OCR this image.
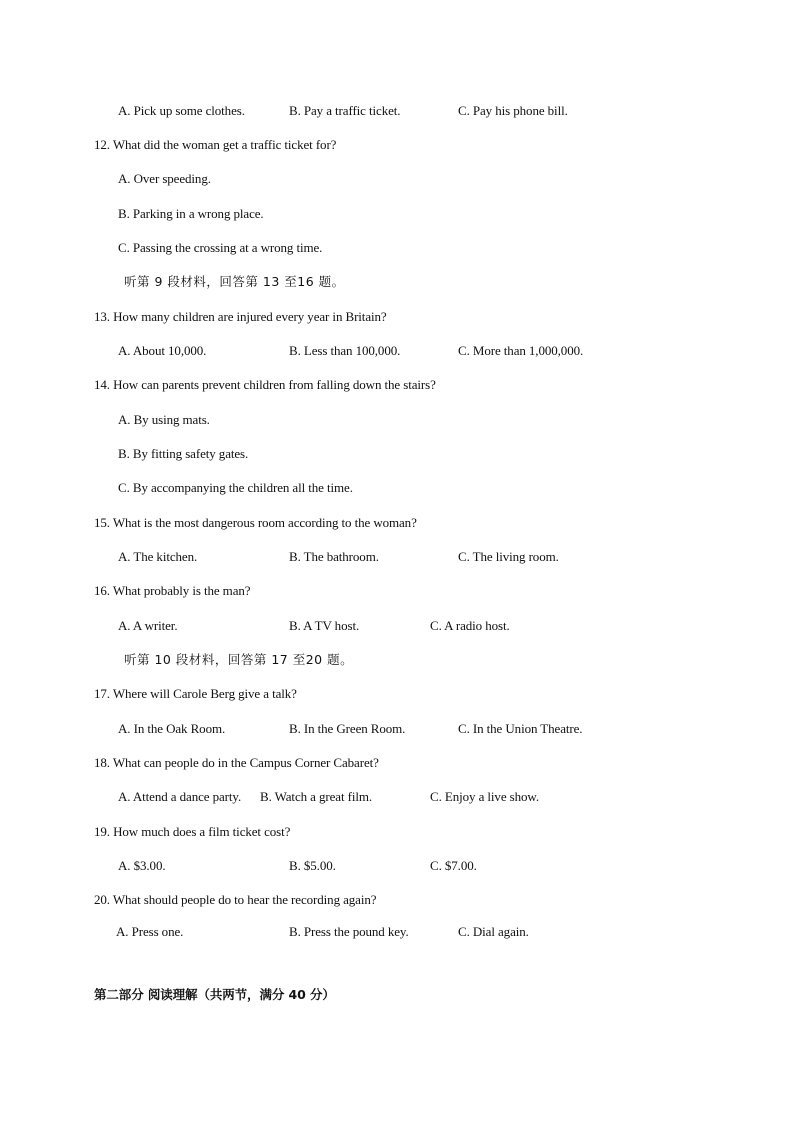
A. Pick up some clothes.	B. Pay a traffic ticket.	C. Pay his phone bill.
12. What did the woman get a traffic ticket for?
A. Over speeding.
B. Parking in a wrong place.
C. Passing the crossing at a wrong time.
听第 9 段材料，回答第 13 至16 题。
13. How many children are injured every year in Britain?
A. About 10,000.	B. Less than 100,000.	C. More than 1,000,000.
14. How can parents prevent children from falling down the stairs?
A. By using mats.
B. By fitting safety gates.
C. By accompanying the children all the time.
15. What is the most dangerous room according to the woman?
A. The kitchen.	B. The bathroom.	C. The living room.
16. What probably is the man?
A. A writer.	B. A TV host.	C. A radio host.
听第 10 段材料，回答第 17 至20 题。
17. Where will Carole Berg give a talk?
A. In the Oak Room.	B. In the Green Room.	C. In the Union Theatre.
18. What can people do in the Campus Corner Cabaret?
A. Attend a dance party. B. Watch a great film.	C. Enjoy a live show.
19. How much does a film ticket cost?
A. $3.00.	B. $5.00.	C. $7.00.
20. What should people do to hear the recording again?
A. Press one.	B. Press the pound key.	C. Dial again.
第二部分 阅读理解（共两节，满分 40 分）
